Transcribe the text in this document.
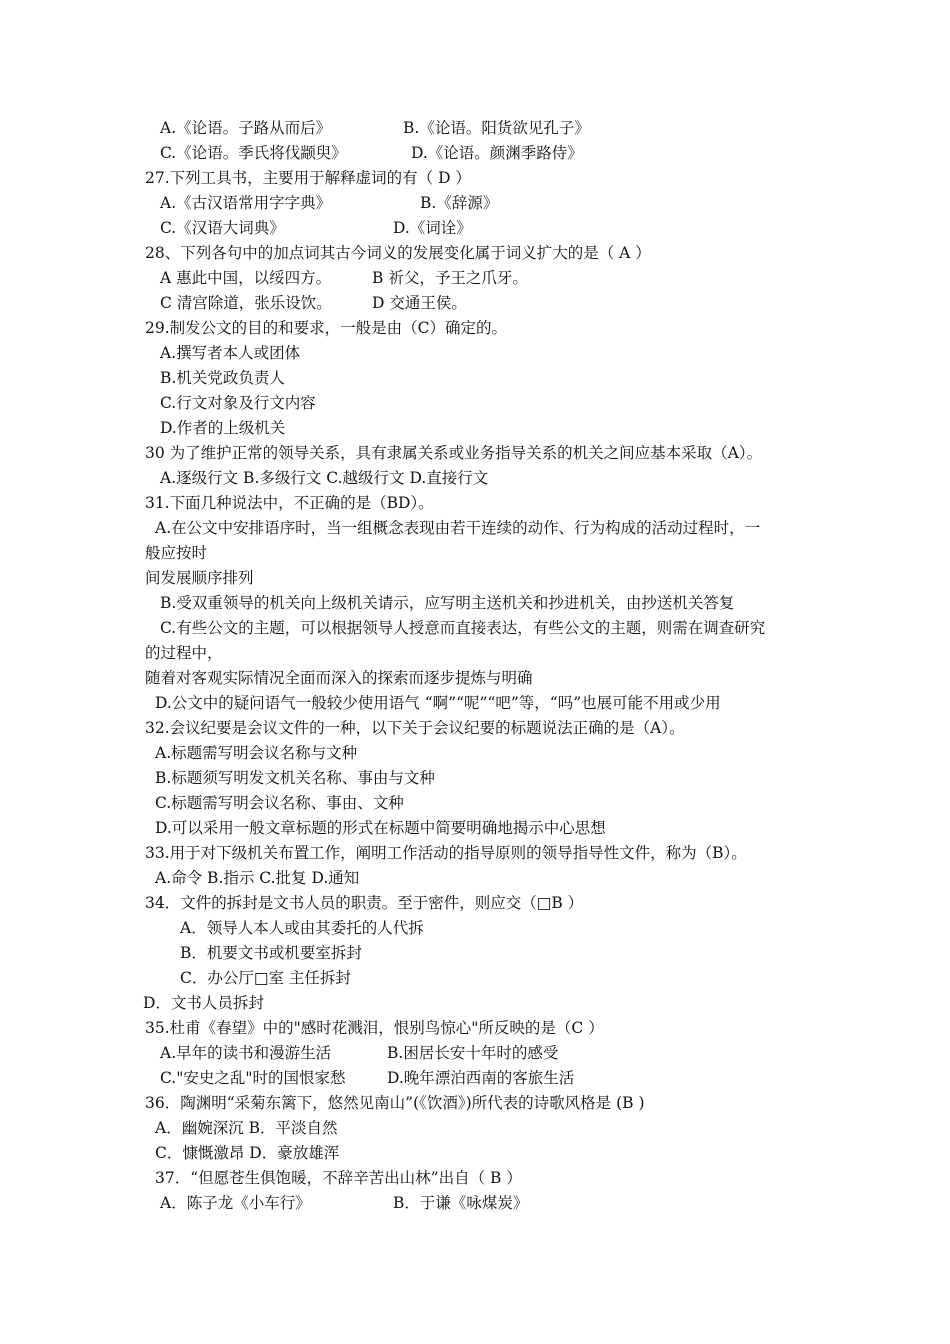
A.《论语。子路从而后》	B.《论语。阳货欲见孔子》
C.《论语。季氏将伐颛臾》	D.《论语。颜渊季路侍》
27.下列工具书，主要用于解释虚词的有（ D ）
A.《古汉语常用字字典》	B.《辞源》
C.《汉语大词典》	D.《词诠》
28、下列各句中的加点词其古今词义的发展变化属于词义扩大的是（ A ）
A 惠此中国，以绥四方。	B 祈父，予王之爪牙。
C 清宫除道，张乐设饮。	D 交通王侯。
29.制发公文的目的和要求，一般是由（C）确定的。
A.撰写者本人或团体
B.机关党政负责人
C.行文对象及行文内容
D.作者的上级机关
30 为了维护正常的领导关系，具有隶属关系或业务指导关系的机关之间应基本采取（A）。
A.逐级行文 B.多级行文 C.越级行文 D.直接行文
31.下面几种说法中，不正确的是（BD）。
A.在公文中安排语序时，当一组概念表现由若干连续的动作、行为构成的活动过程时，一
般应按时
间发展顺序排列
B.受双重领导的机关向上级机关请示，应写明主送机关和抄进机关，由抄送机关答复
C.有些公文的主题，可以根据领导人授意而直接表达，有些公文的主题，则需在调查研究
的过程中，
随着对客观实际情况全面而深入的探索而逐步提炼与明确
D.公文中的疑问语气一般较少使用语气 “啊”“呢”“吧”等，“吗”也展可能不用或少用
32.会议纪要是会议文件的一种，以下关于会议纪要的标题说法正确的是（A）。
A.标题需写明会议名称与文种
B.标题须写明发文机关名称、事由与文种
C.标题需写明会议名称、事由、文种
D.可以采用一般文章标题的形式在标题中简要明确地揭示中心思想
33.用于对下级机关布置工作，阐明工作活动的指导原则的领导指导性文件，称为（B）。
A.命令 B.指示 C.批复 D.通知
34．文件的拆封是文书人员的职责。至于密件，则应交（□B ）
A．领导人本人或由其委托的人代拆
B．机要文书或机要室拆封
C．办公厅□室 主任拆封
D．文书人员拆封
35.杜甫《春望》中的"感时花溅泪，恨别鸟惊心"所反映的是（C ）
A.早年的读书和漫游生活	B.困居长安十年时的感受
C."安史之乱"时的国恨家愁	D.晚年漂泊西南的客旅生活
36．陶渊明“采菊东篱下，悠然见南山”(《饮酒》)所代表的诗歌风格是 (B )
A．幽婉深沉 B．平淡自然
C．慷慨激昂 D．豪放雄浑
37．“但愿苍生俱饱暖，不辞辛苦出山林”出自（ B ）
A．陈子龙《小车行》	B．于谦《咏煤炭》
